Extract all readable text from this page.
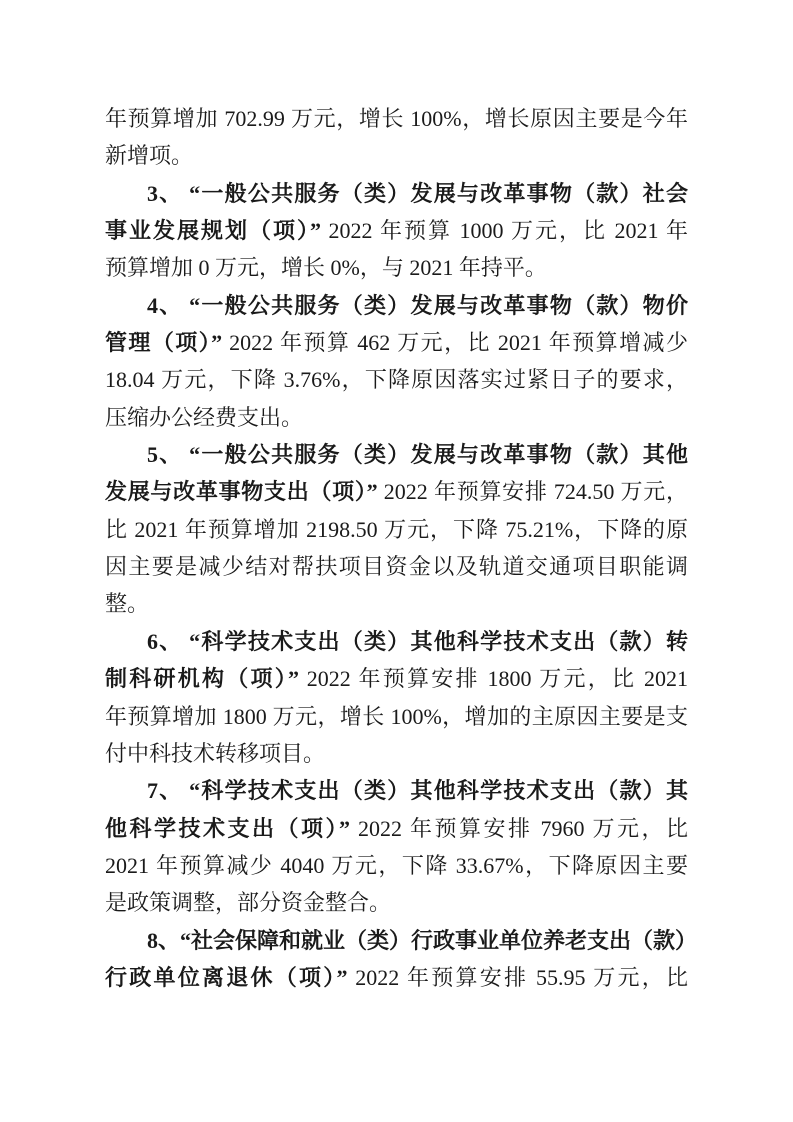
年预算增加 702.99 万元，增长 100%，增长原因主要是今年
新增项。
3、 “一般公共服务（类）发展与改革事物（款）社会
事业发展规划（项）” 2022 年预算 1000 万元，比 2021 年
预算增加 0 万元，增长 0%，与 2021 年持平。
4、 “一般公共服务（类）发展与改革事物（款）物价
管理（项）” 2022 年预算 462 万元，比 2021 年预算增减少
18.04 万元，下降 3.76%，下降原因落实过紧日子的要求，
压缩办公经费支出。
5、 “一般公共服务（类）发展与改革事物（款）其他
发展与改革事物支出（项）” 2022 年预算安排 724.50 万元，
比 2021 年预算增加 2198.50 万元，下降 75.21%，下降的原
因主要是减少结对帮扶项目资金以及轨道交通项目职能调
整。
6、 “科学技术支出（类）其他科学技术支出（款）转
制科研机构（项）” 2022 年预算安排 1800 万元，比 2021
年预算增加 1800 万元，增长 100%，增加的主原因主要是支
付中科技术转移项目。
7、 “科学技术支出（类）其他科学技术支出（款）其
他科学技术支出（项）” 2022 年预算安排 7960 万元，比
2021 年预算减少 4040 万元，下降 33.67%，下降原因主要
是政策调整，部分资金整合。
8、“社会保障和就业（类）行政事业单位养老支出（款）
行政单位离退休（项）” 2022 年预算安排 55.95 万元，比
